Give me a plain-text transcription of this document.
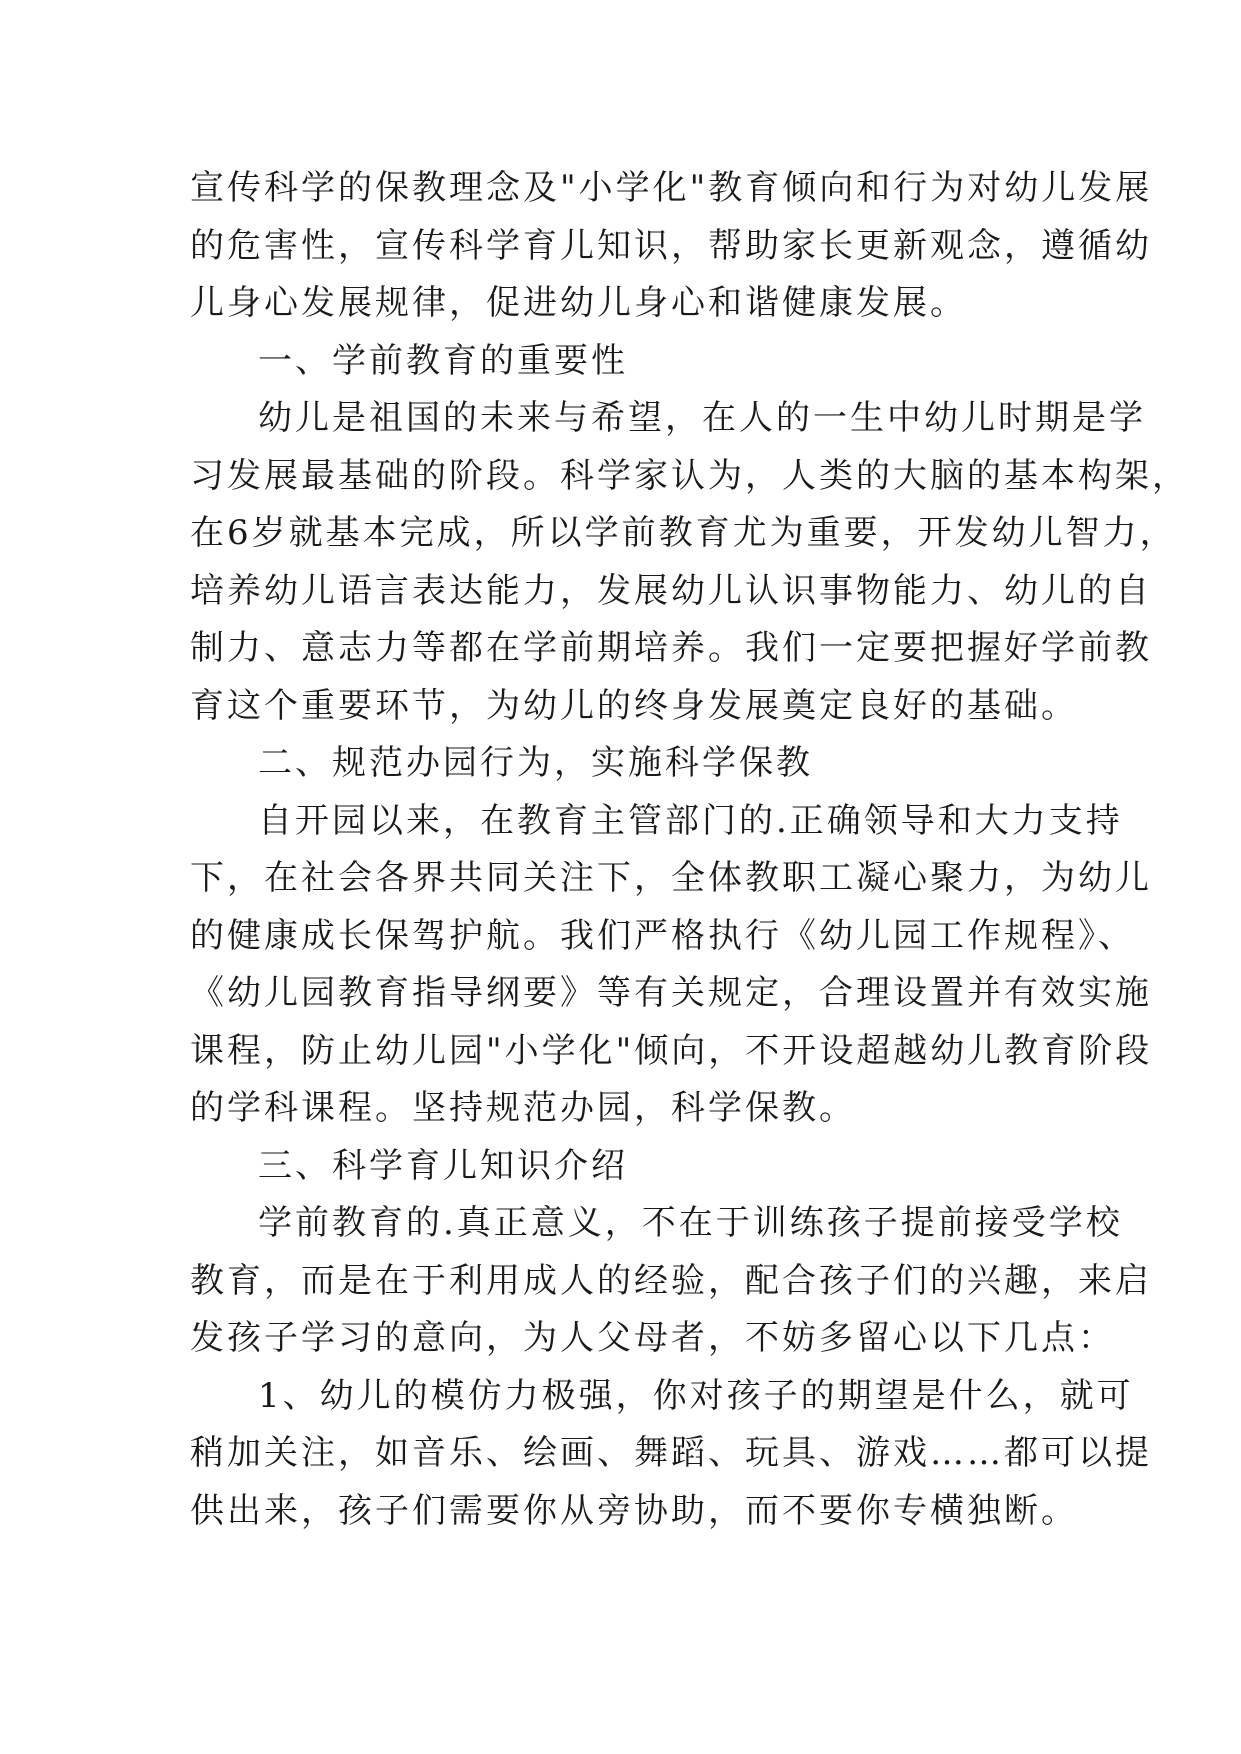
宣传科学的保教理念及"小学化"教育倾向和行为对幼儿发展
的危害性，宣传科学育儿知识，帮助家长更新观念，遵循幼
儿身心发展规律，促进幼儿身心和谐健康发展。
一、学前教育的重要性
幼儿是祖国的未来与希望，在人的一生中幼儿时期是学
习发展最基础的阶段。科学家认为，人类的大脑的基本构架，
在6岁就基本完成，所以学前教育尤为重要，开发幼儿智力，
培养幼儿语言表达能力，发展幼儿认识事物能力、幼儿的自
制力、意志力等都在学前期培养。我们一定要把握好学前教
育这个重要环节，为幼儿的终身发展奠定良好的基础。
二、规范办园行为，实施科学保教
自开园以来，在教育主管部门的.正确领导和大力支持
下，在社会各界共同关注下，全体教职工凝心聚力，为幼儿
的健康成长保驾护航。我们严格执行《幼儿园工作规程》、
《幼儿园教育指导纲要》等有关规定，合理设置并有效实施
课程，防止幼儿园"小学化"倾向，不开设超越幼儿教育阶段
的学科课程。坚持规范办园，科学保教。
三、科学育儿知识介绍
学前教育的.真正意义，不在于训练孩子提前接受学校
教育，而是在于利用成人的经验，配合孩子们的兴趣，来启
发孩子学习的意向，为人父母者，不妨多留心以下几点：
1、幼儿的模仿力极强，你对孩子的期望是什么，就可
稍加关注，如音乐、绘画、舞蹈、玩具、游戏……都可以提
供出来，孩子们需要你从旁协助，而不要你专横独断。
